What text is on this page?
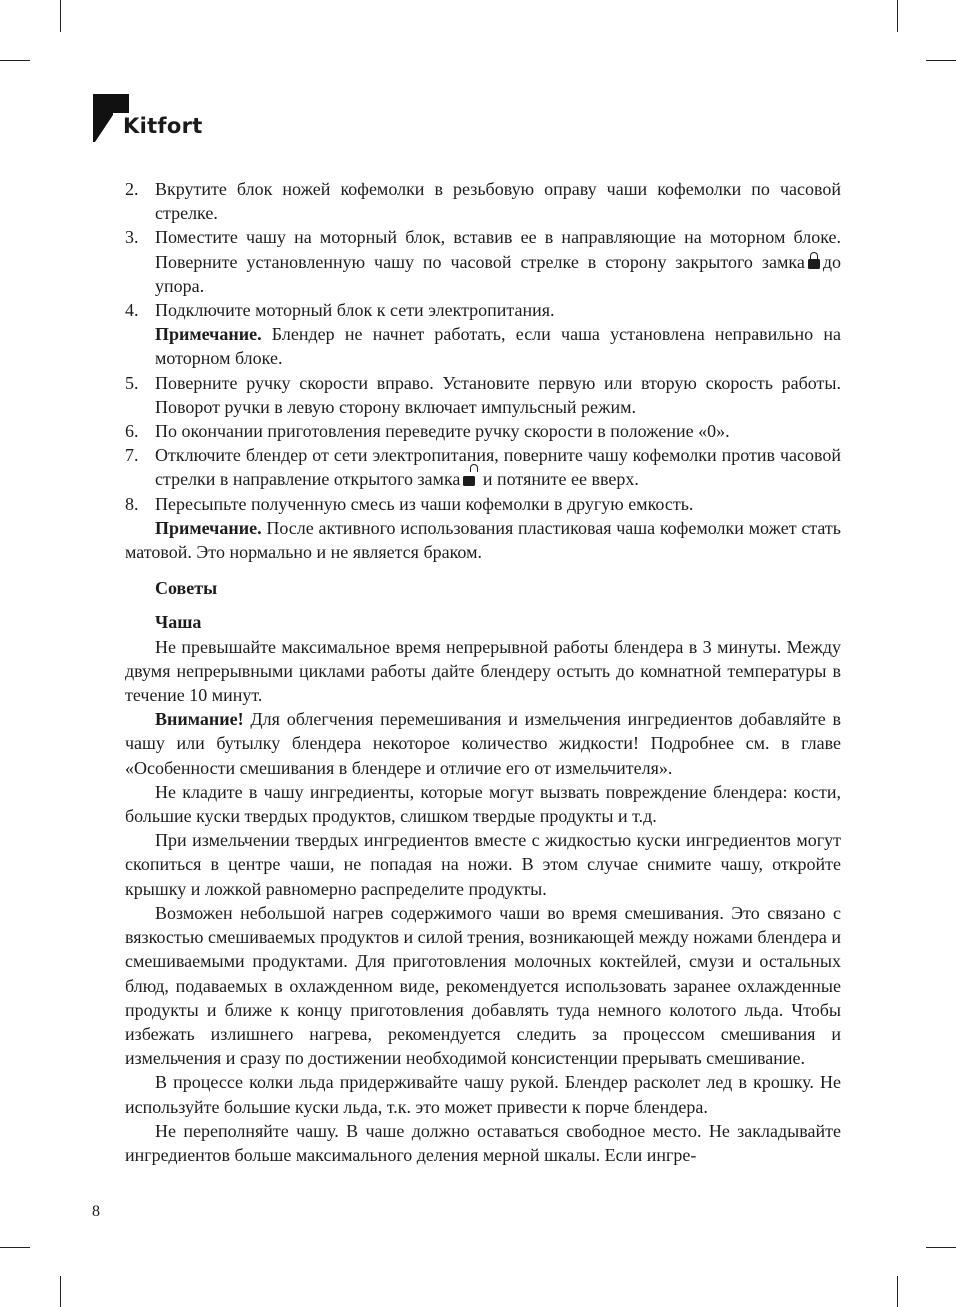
Kitfort
2. Вкрутите блок ножей кофемолки в резьбовую оправу чаши кофемолки по часовой стрелке.
3. Поместите чашу на моторный блок, вставив ее в направляющие на моторном блоке. Поверните установленную чашу по часовой стрелке в сторону закрытого замка до упора.
4. Подключите моторный блок к сети электропитания.
Примечание. Блендер не начнет работать, если чаша установлена неправильно на моторном блоке.
5. Поверните ручку скорости вправо. Установите первую или вторую скорость работы. Поворот ручки в левую сторону включает импульсный режим.
6. По окончании приготовления переведите ручку скорости в положение «0».
7. Отключите блендер от сети электропитания, поверните чашу кофемолки против часовой стрелки в направление открытого замка и потяните ее вверх.
8. Пересыпьте полученную смесь из чаши кофемолки в другую емкость.

Примечание. После активного использования пластиковая чаша кофемолки может стать матовой. Это нормально и не является браком.

Советы
Чаша

Не превышайте максимальное время непрерывной работы блендера в 3 минуты. Между двумя непрерывными циклами работы дайте блендеру остыть до комнатной температуры в течение 10 минут.

Внимание! Для облегчения перемешивания и измельчения ингредиентов добавляйте в чашу или бутылку блендера некоторое количество жидкости! Подробнее см. в главе «Особенности смешивания в блендере и отличие его от измельчителя».

Не кладите в чашу ингредиенты, которые могут вызвать повреждение блендера: кости, большие куски твердых продуктов, слишком твердые продукты и т.д.

При измельчении твердых ингредиентов вместе с жидкостью куски ингредиентов могут скопиться в центре чаши, не попадая на ножи. В этом случае снимите чашу, откройте крышку и ложкой равномерно распределите продукты.

Возможен небольшой нагрев содержимого чаши во время смешивания. Это связано с вязкостью смешиваемых продуктов и силой трения, возникающей между ножами блендера и смешиваемыми продуктами. Для приготовления молочных коктейлей, смузи и остальных блюд, подаваемых в охлажденном виде, рекомендуется использовать заранее охлажденные продукты и ближе к концу приготовления добавлять туда немного колотого льда. Чтобы избежать излишнего нагрева, рекомендуется следить за процессом смешивания и измельчения и сразу по достижении необходимой консистенции прерывать смешивание.

В процессе колки льда придерживайте чашу рукой. Блендер расколет лед в крошку. Не используйте большие куски льда, т.к. это может привести к порче блендера.

Не переполняйте чашу. В чаше должно оставаться свободное место. Не закладывайте ингредиентов больше максимального деления мерной шкалы. Если ингре-

8
